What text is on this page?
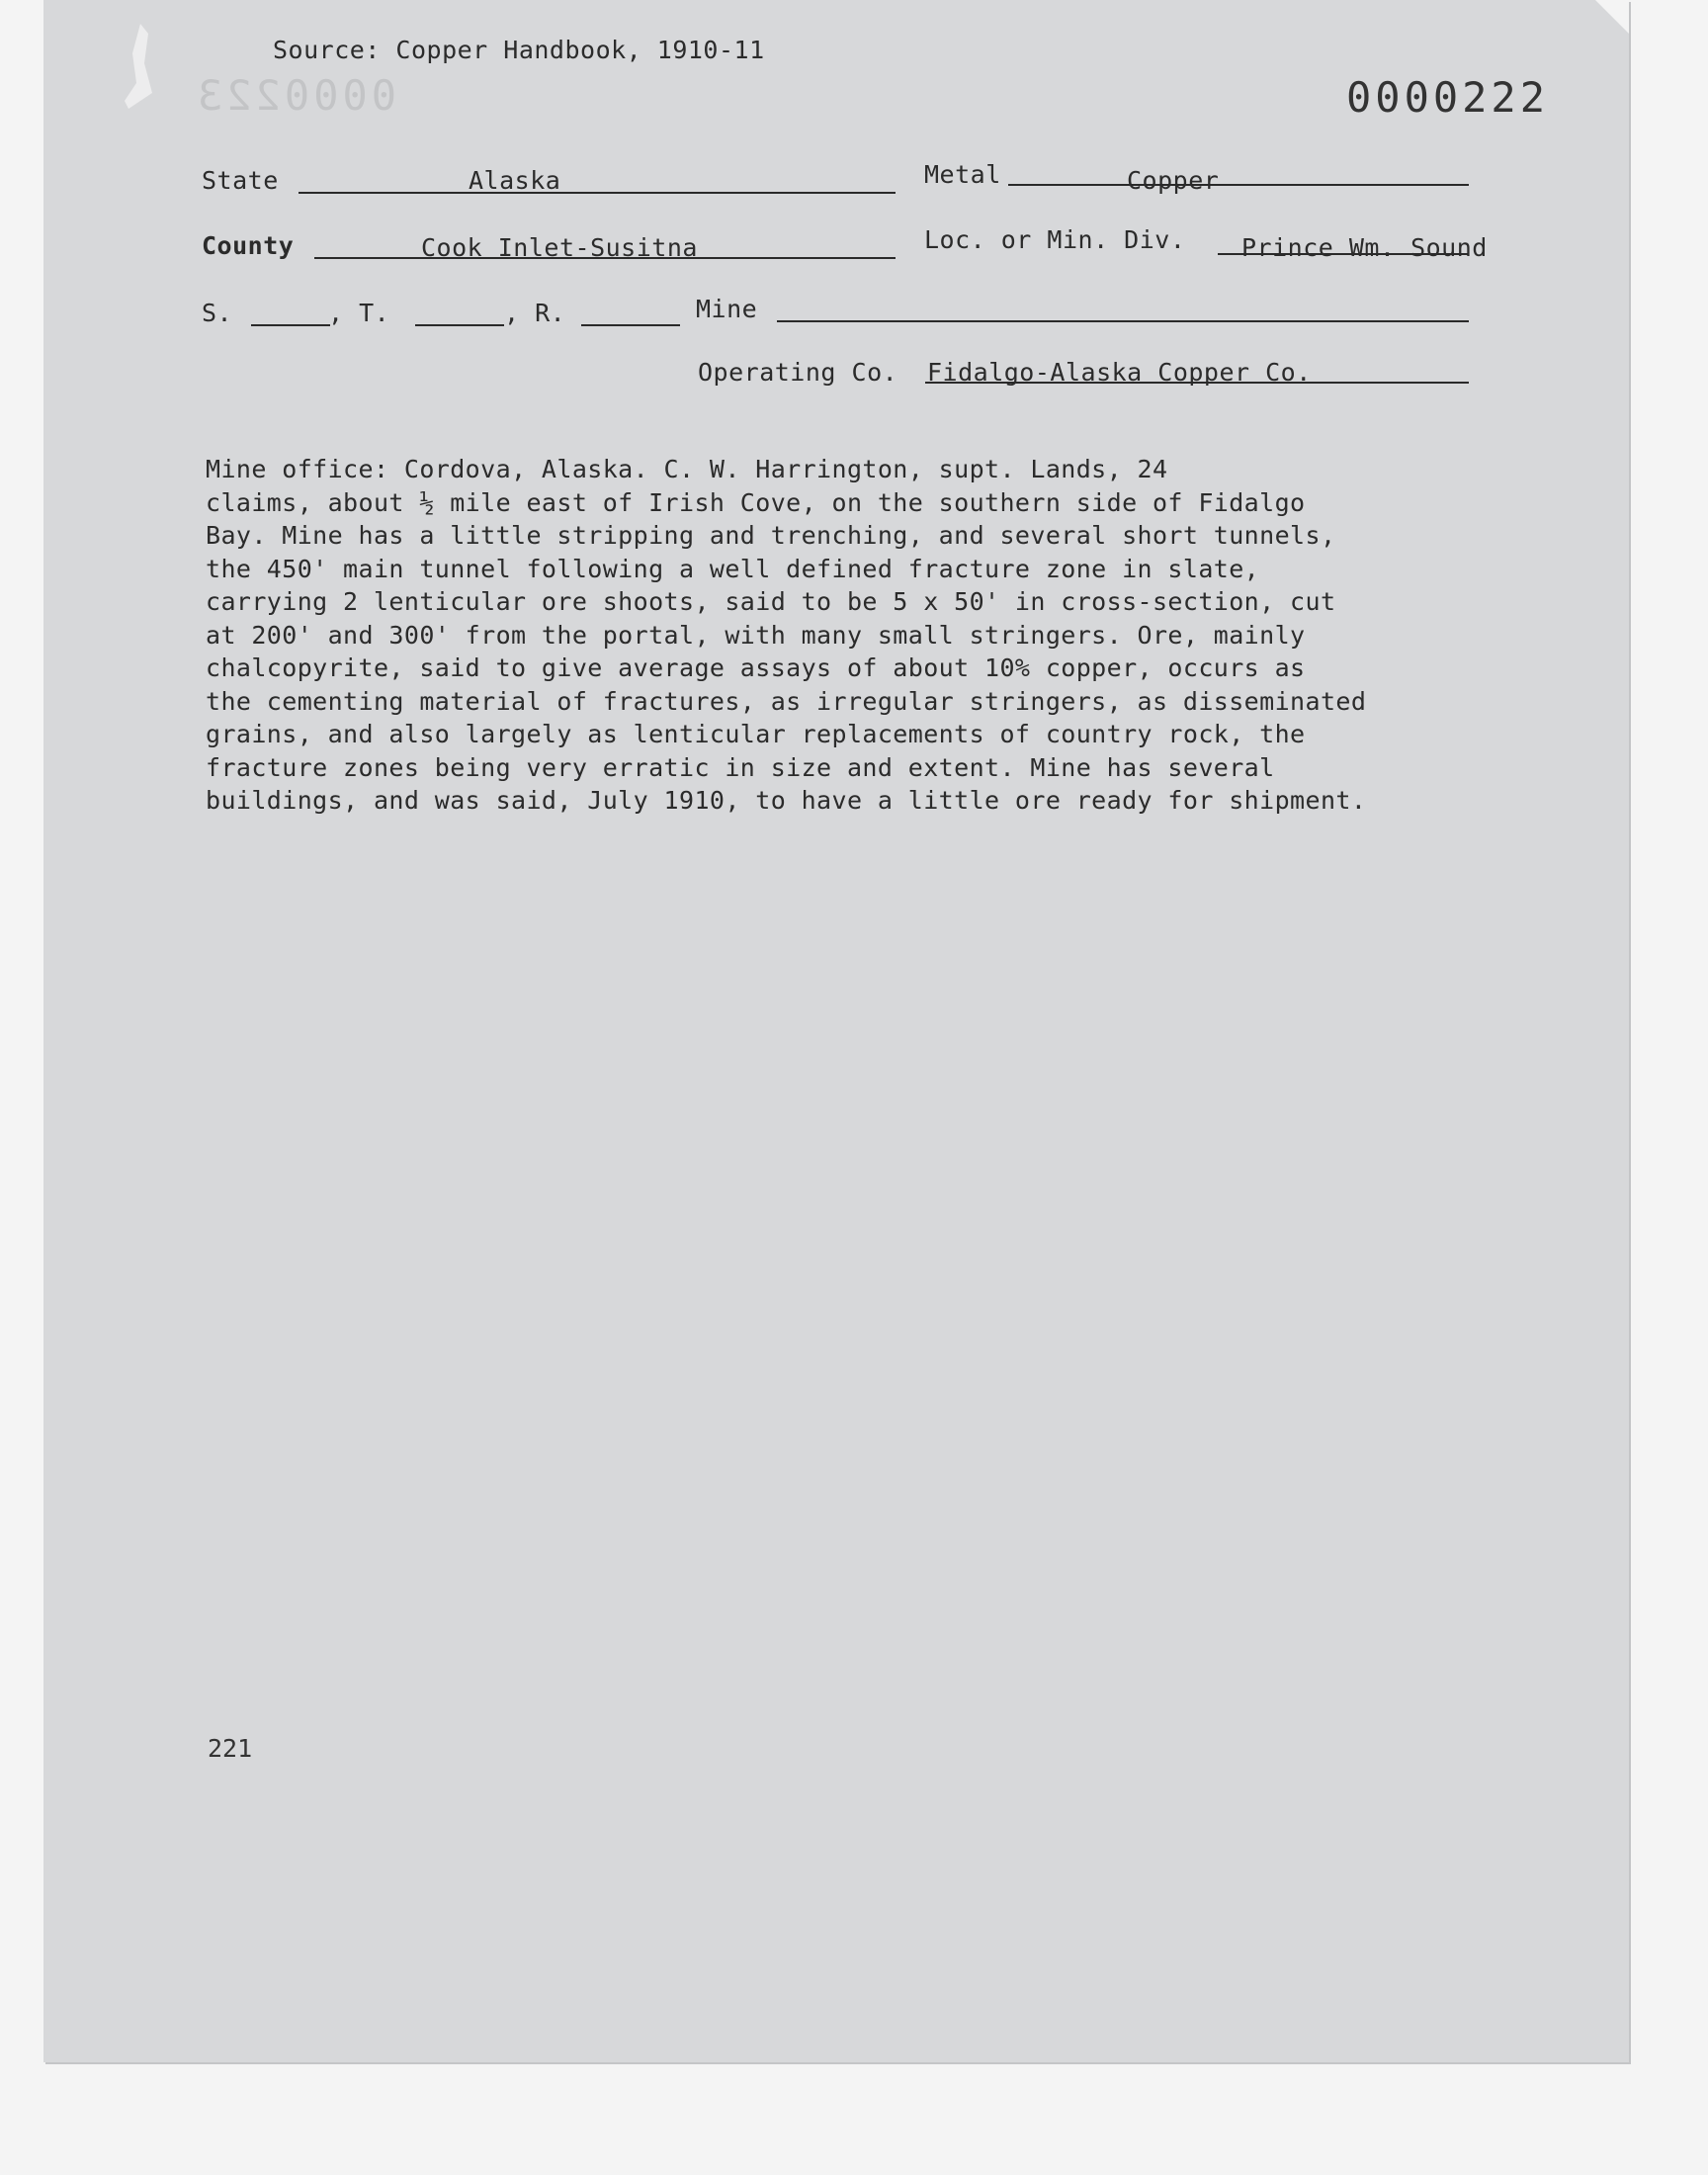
Source: Copper Handbook, 1910-11
0000223	0000222
State	Alaska	Metal	Copper
County	Cook Inlet-Susitna	Loc. or Min. Div. Prince Wm. Sound
S.	, T.	, R.	Mine
Operating Co. Fidalgo-Alaska Copper Co.

Mine office: Cordova, Alaska. C. W. Harrington, supt. Lands, 24

claims, about ½ mile east of Irish Cove, on the southern side of Fidalgo

Bay. Mine has a little stripping and trenching, and several short tunnels,

the 450' main tunnel following a well defined fracture zone in slate,

carrying 2 lenticular ore shoots, said to be 5 x 50' in cross-section, cut

at 200' and 300' from the portal, with many small stringers. Ore, mainly

chalcopyrite, said to give average assays of about 10% copper, occurs as

the cementing material of fractures, as irregular stringers, as disseminated

grains, and also largely as lenticular replacements of country rock, the

fracture zones being very erratic in size and extent. Mine has several

buildings, and was said, July 1910, to have a little ore ready for shipment.

221
